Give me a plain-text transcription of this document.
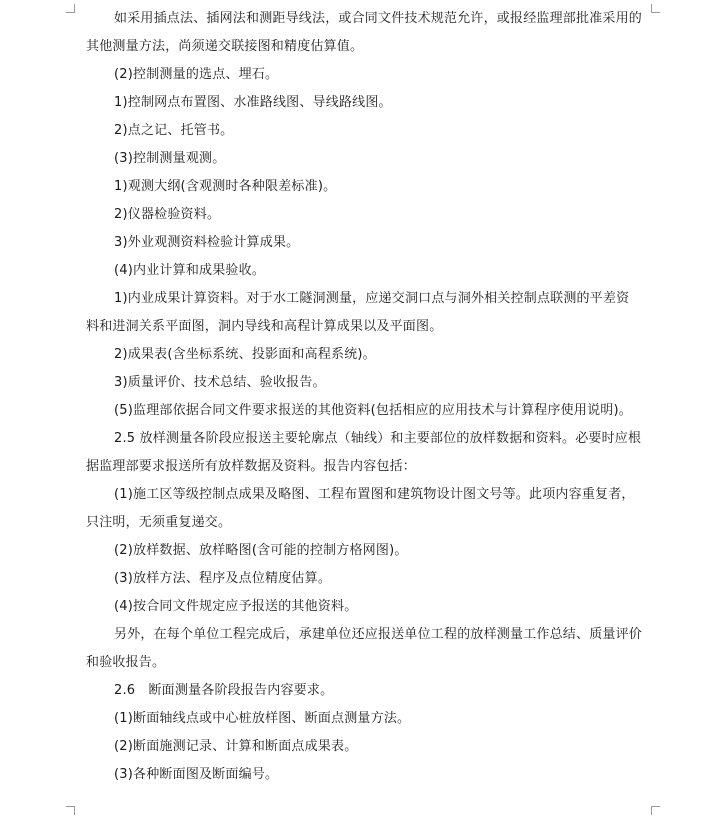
如采用插点法、插网法和测距导线法，或合同文件技术规范允许，或报经监理部批准采用的其他测量方法，尚须递交联接图和精度估算值。

(2)控制测量的选点、埋石。

1)控制网点布置图、水准路线图、导线路线图。

2)点之记、托管书。

(3)控制测量观测。

1)观测大纲(含观测时各种限差标准)。

2)仪器检验资料。

3)外业观测资料检验计算成果。

(4)内业计算和成果验收。

1)内业成果计算资料。对于水工隧洞测量，应递交洞口点与洞外相关控制点联测的平差资料和进洞关系平面图，洞内导线和高程计算成果以及平面图。

2)成果表(含坐标系统、投影面和高程系统)。

3)质量评价、技术总结、验收报告。

(5)监理部依据合同文件要求报送的其他资料(包括相应的应用技术与计算程序使用说明)。

2.5 放样测量各阶段应报送主要轮廓点（轴线）和主要部位的放样数据和资料。必要时应根据监理部要求报送所有放样数据及资料。报告内容包括：

(1)施工区等级控制点成果及略图、工程布置图和建筑物设计图文号等。此项内容重复者，只注明，无须重复递交。

(2)放样数据、放样略图(含可能的控制方格网图)。

(3)放样方法、程序及点位精度估算。

(4)按合同文件规定应予报送的其他资料。

另外，在每个单位工程完成后，承建单位还应报送单位工程的放样测量工作总结、质量评价和验收报告。

2.6　断面测量各阶段报告内容要求。

(1)断面轴线点或中心桩放样图、断面点测量方法。

(2)断面施测记录、计算和断面点成果表。

(3)各种断面图及断面编号。
